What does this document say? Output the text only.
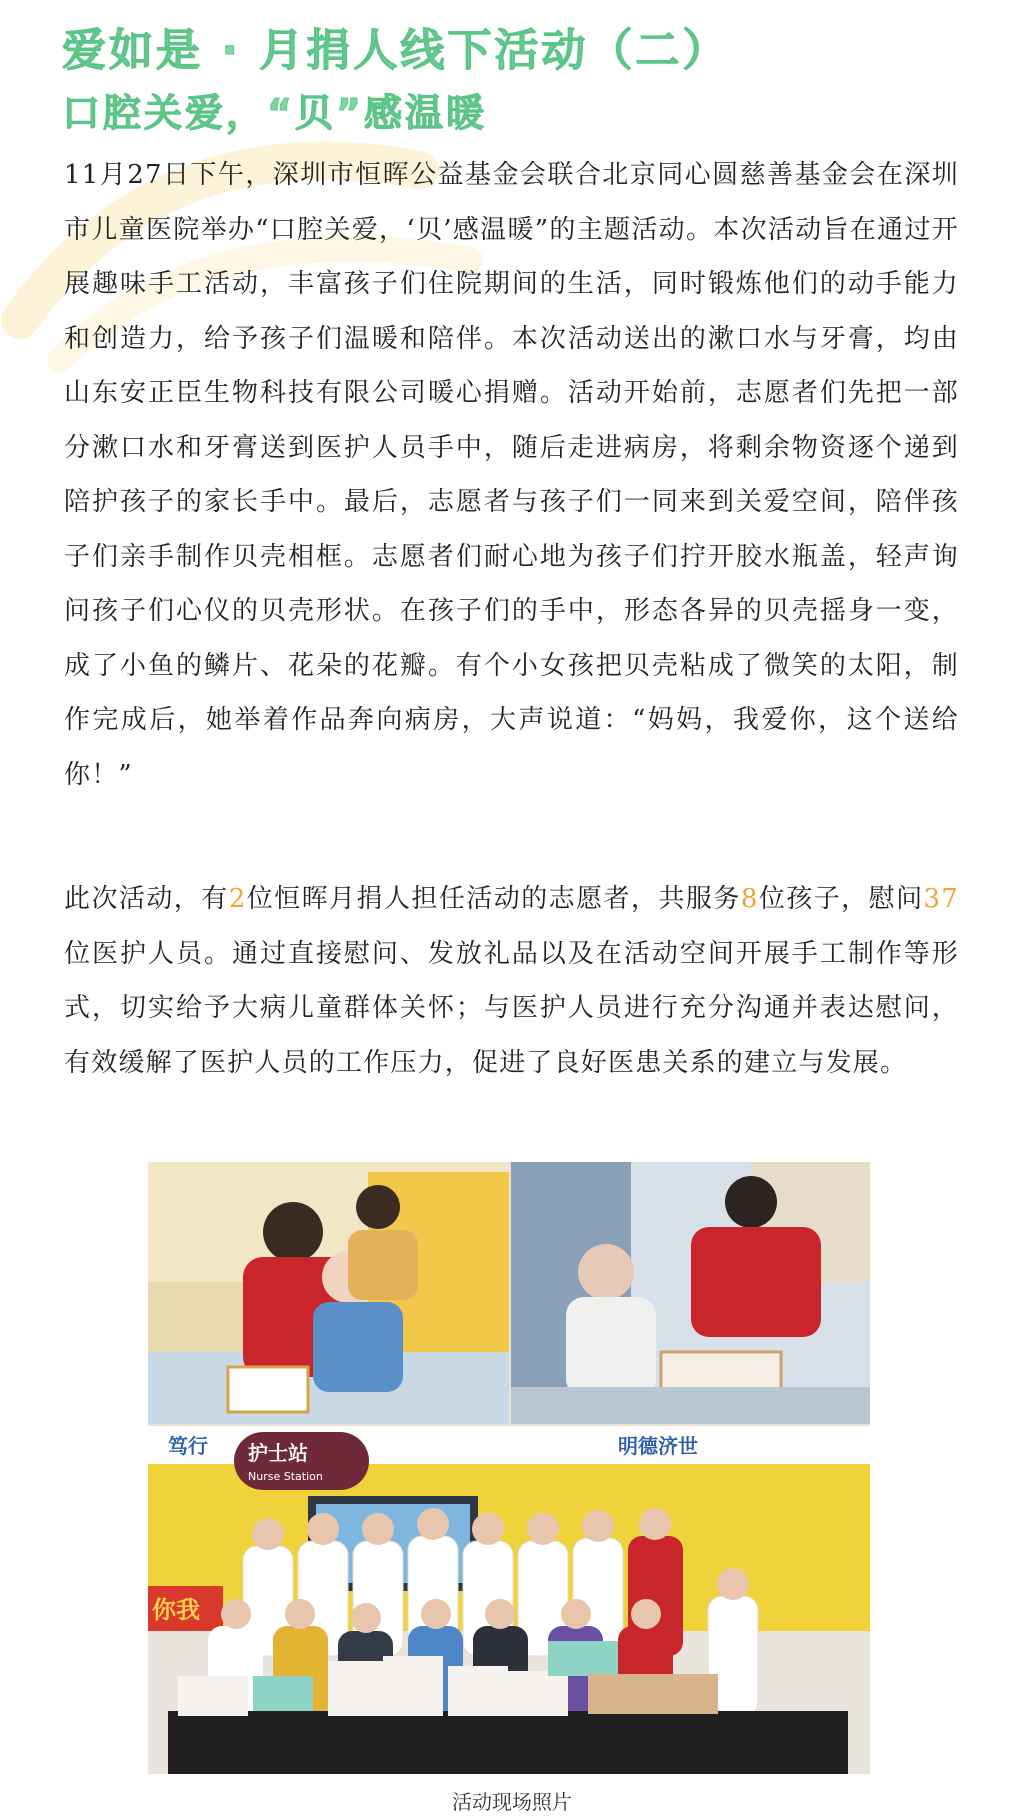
爱如是 · 月捐人线下活动（二）
口腔关爱，“贝”感温暖

11月27日下午，深圳市恒晖公益基金会联合北京同心圆慈善基金会在深圳市儿童医院举办“口腔关爱，‘贝’感温暖”的主题活动。本次活动旨在通过开展趣味手工活动，丰富孩子们住院期间的生活，同时锻炼他们的动手能力和创造力，给予孩子们温暖和陪伴。本次活动送出的漱口水与牙膏，均由山东安正臣生物科技有限公司暖心捐赠。活动开始前，志愿者们先把一部分漱口水和牙膏送到医护人员手中，随后走进病房，将剩余物资逐个递到陪护孩子的家长手中。最后，志愿者与孩子们一同来到关爱空间，陪伴孩子们亲手制作贝壳相框。志愿者们耐心地为孩子们拧开胶水瓶盖，轻声询问孩子们心仪的贝壳形状。在孩子们的手中，形态各异的贝壳摇身一变，成了小鱼的鳞片、花朵的花瓣。有个小女孩把贝壳粘成了微笑的太阳，制作完成后，她举着作品奔向病房，大声说道：“妈妈，我爱你，这个送给你！”

此次活动，有2位恒晖月捐人担任活动的志愿者，共服务8位孩子，慰问37位医护人员。通过直接慰问、发放礼品以及在活动空间开展手工制作等形式，切实给予大病儿童群体关怀；与医护人员进行充分沟通并表达慰问，有效缓解了医护人员的工作压力，促进了良好医患关系的建立与发展。

笃行	明德济世
护士站
Nurse Station
你我
活动现场照片
